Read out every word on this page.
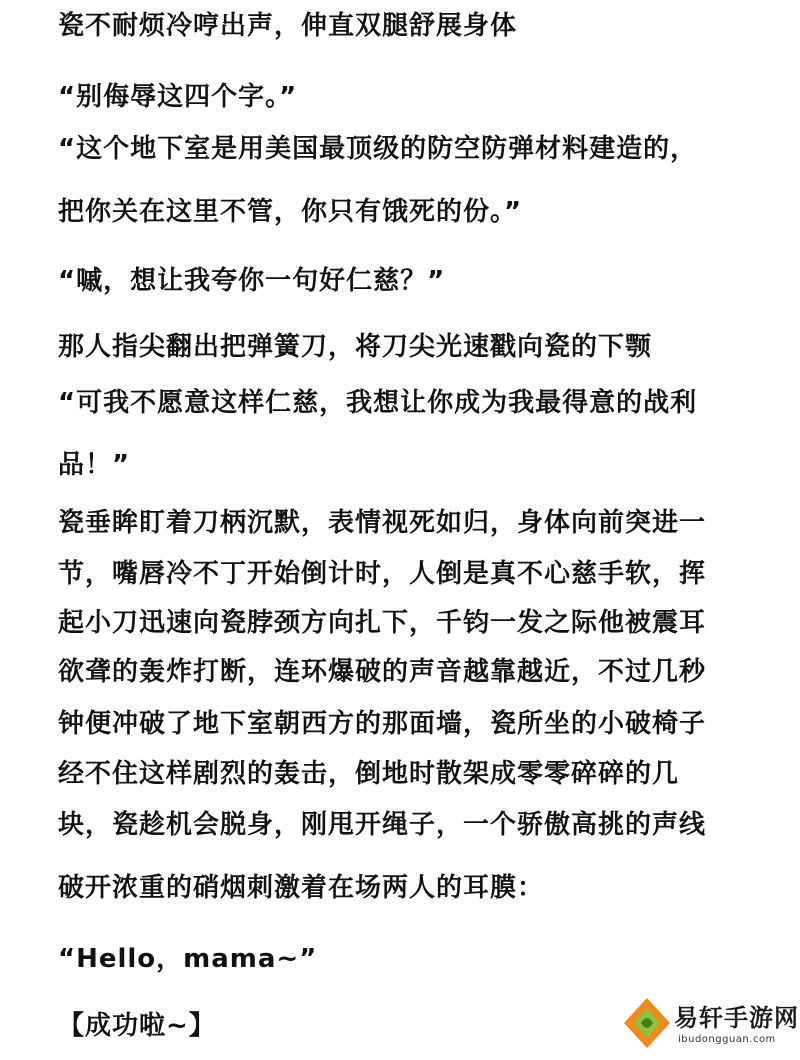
瓷不耐烦冷哼出声，伸直双腿舒展身体
“别侮辱这四个字。”
“这个地下室是用美国最顶级的防空防弹材料建造的，
把你关在这里不管，你只有饿死的份。”
“嘁，想让我夸你一句好仁慈？”
那人指尖翻出把弹簧刀，将刀尖光速戳向瓷的下颚
“可我不愿意这样仁慈，我想让你成为我最得意的战利
品！”
瓷垂眸盯着刀柄沉默，表情视死如归，身体向前突进一
节，嘴唇冷不丁开始倒计时，人倒是真不心慈手软，挥
起小刀迅速向瓷脖颈方向扎下，千钧一发之际他被震耳
欲聋的轰炸打断，连环爆破的声音越靠越近，不过几秒
钟便冲破了地下室朝西方的那面墙，瓷所坐的小破椅子
经不住这样剧烈的轰击，倒地时散架成零零碎碎的几
块，瓷趁机会脱身，刚甩开绳子，一个骄傲高挑的声线
破开浓重的硝烟刺激着在场两人的耳膜：
“Hello，mama~”
【成功啦~】	易轩手游网
ibudongguan.com
